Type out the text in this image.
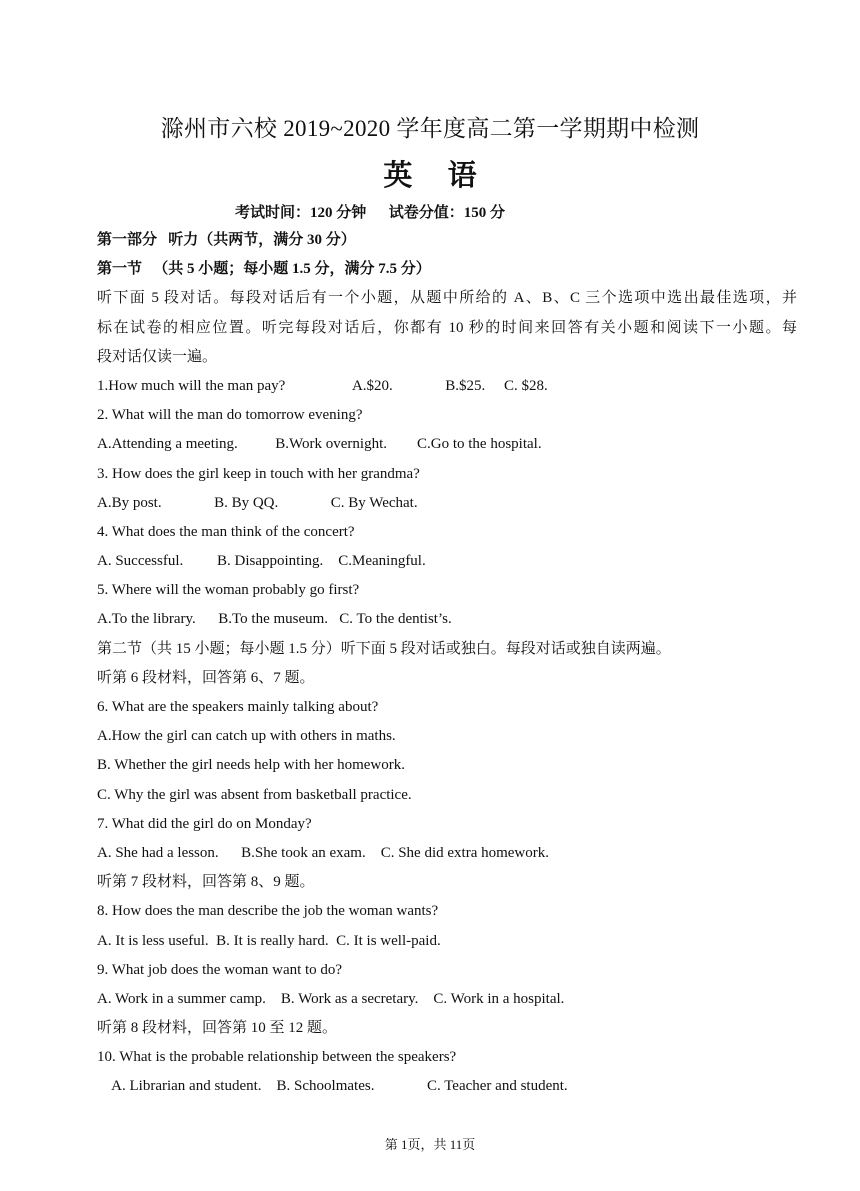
滁州市六校 2019~2020 学年度高二第一学期期中检测
英 语
考试时间：120 分钟      试卷分值：150 分
第一部分   听力（共两节，满分 30 分）
第一节   （共 5 小题；每小题 1.5 分，满分 7.5 分）
听下面 5 段对话。每段对话后有一个小题，从题中所给的 A、B、C 三个选项中选出最佳选项，并
标在试卷的相应位置。听完每段对话后，你都有 10 秒的时间来回答有关小题和阅读下一小题。每
段对话仅读一遍。
1.How much will the man pay?                  A.$20.              B.$25.     C. $28.
2. What will the man do tomorrow evening?
A.Attending a meeting.          B.Work overnight.        C.Go to the hospital.
3. How does the girl keep in touch with her grandma?
A.By post.              B. By QQ.              C. By Wechat.
4. What does the man think of the concert?
A. Successful.         B. Disappointing.    C.Meaningful.
5. Where will the woman probably go first?
A.To the library.      B.To the museum.   C. To the dentist’s.
第二节（共 15 小题；每小题 1.5 分）听下面 5 段对话或独白。每段对话或独自读两遍。
听第 6 段材料，回答第 6、7 题。
6. What are the speakers mainly talking about?
A.How the girl can catch up with others in maths.
B. Whether the girl needs help with her homework.
C. Why the girl was absent from basketball practice.
7. What did the girl do on Monday?
A. She had a lesson.      B.She took an exam.    C. She did extra homework.
听第 7 段材料，回答第 8、9 题。
8. How does the man describe the job the woman wants?
A. It is less useful.  B. It is really hard.  C. It is well-paid.
9. What job does the woman want to do?
A. Work in a summer camp.    B. Work as a secretary.    C. Work in a hospital.
听第 8 段材料，回答第 10 至 12 题。
10. What is the probable relationship between the speakers?
A. Librarian and student.    B. Schoolmates.              C. Teacher and student.
第 1页，共 11页
